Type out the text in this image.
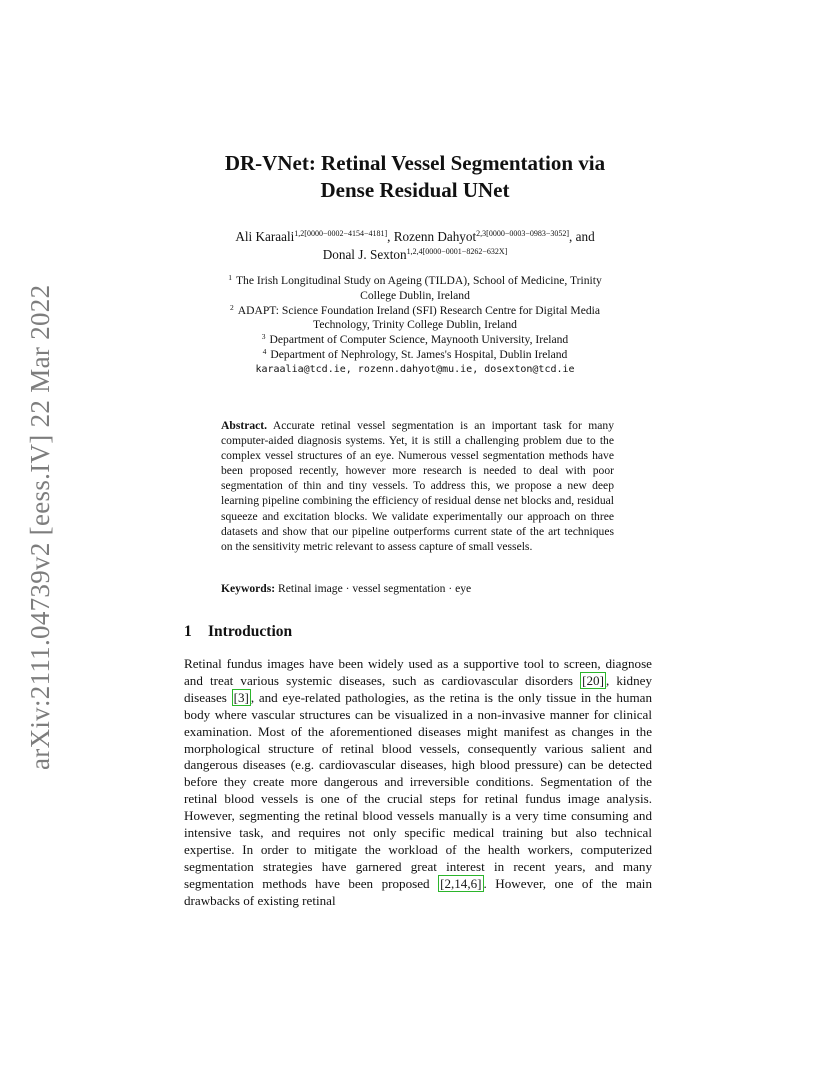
arXiv:2111.04739v2 [eess.IV] 22 Mar 2022
DR-VNet: Retinal Vessel Segmentation via
Dense Residual UNet
Ali Karaali$^{1,2[0000-0002-4154-4181]}$, Rozenn Dahyot$^{2,3[0000-0003-0983-3052]}$, and
Donal J. Sexton$^{1,2,4[0000-0001-8262-632X]}$
$^1$ The Irish Longitudinal Study on Ageing (TILDA), School of Medicine, Trinity
College Dublin, Ireland
$^2$ ADAPT: Science Foundation Ireland (SFI) Research Centre for Digital Media
Technology, Trinity College Dublin, Ireland
$^3$ Department of Computer Science, Maynooth University, Ireland
$^4$ Department of Nephrology, St. James's Hospital, Dublin Ireland
karaalia@tcd.ie, rozenn.dahyot@mu.ie, dosexton@tcd.ie
Abstract. Accurate retinal vessel segmentation is an important task for many computer-aided diagnosis systems. Yet, it is still a challenging problem due to the complex vessel structures of an eye. Numerous vessel segmentation methods have been proposed recently, however more research is needed to deal with poor segmentation of thin and tiny vessels. To address this, we propose a new deep learning pipeline combining the efficiency of residual dense net blocks and, residual squeeze and excitation blocks. We validate experimentally our approach on three datasets and show that our pipeline outperforms current state of the art techniques on the sensitivity metric relevant to assess capture of small vessels.
Keywords: Retinal image · vessel segmentation · eye
1 Introduction
Retinal fundus images have been widely used as a supportive tool to screen, diagnose and treat various systemic diseases, such as cardiovascular disorders [20] , kidney diseases [3] , and eye-related pathologies, as the retina is the only tissue in the human body where vascular structures can be visualized in a non-invasive manner for clinical examination. Most of the aforementioned diseases might manifest as changes in the morphological structure of retinal blood vessels, consequently various salient and dangerous diseases (e.g. cardiovascular diseases, high blood pressure) can be detected before they create more dangerous and irreversible conditions. Segmentation of the retinal blood vessels is one of the crucial steps for retinal fundus image analysis. However, segmenting the retinal blood vessels manually is a very time consuming and intensive task, and requires not only specific medical training but also technical expertise. In order to mitigate the workload of the health workers, computerized segmentation strategies have garnered great interest in recent years, and many segmentation methods have been proposed [2,14,6] . However, one of the main drawbacks of existing retinal
